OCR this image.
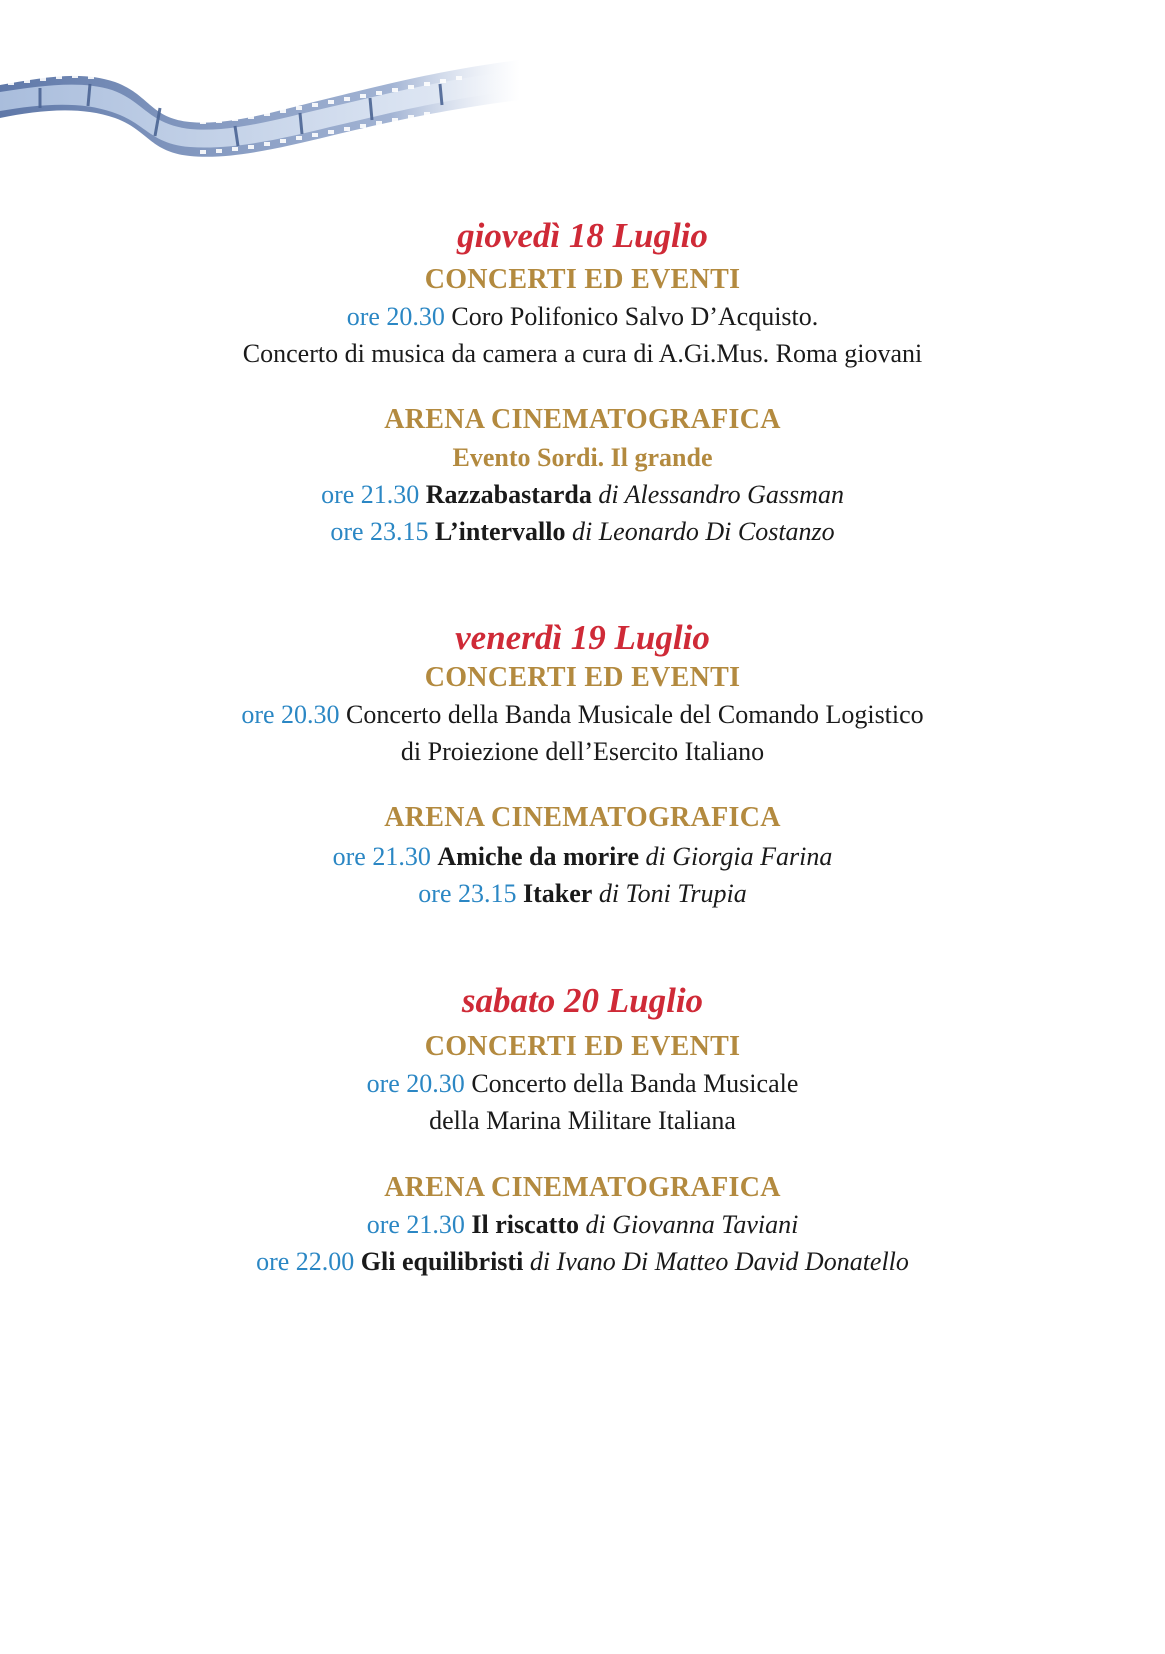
giovedì 18 Luglio
CONCERTI ED EVENTI
ore 20.30 Coro Polifonico Salvo D’Acquisto.
Concerto di musica da camera a cura di A.Gi.Mus. Roma giovani
ARENA CINEMATOGRAFICA
Evento Sordi. Il grande
ore 21.30 Razzabastarda di Alessandro Gassman
ore 23.15 L’intervallo di Leonardo Di Costanzo
venerdì 19 Luglio
CONCERTI ED EVENTI
ore 20.30 Concerto della Banda Musicale del Comando Logistico
di Proiezione dell’Esercito Italiano
ARENA CINEMATOGRAFICA
ore 21.30 Amiche da morire di Giorgia Farina
ore 23.15 Itaker di Toni Trupia
sabato 20 Luglio
CONCERTI ED EVENTI
ore 20.30 Concerto della Banda Musicale
della Marina Militare Italiana
ARENA CINEMATOGRAFICA
ore 21.30 Il riscatto di Giovanna Taviani
ore 22.00 Gli equilibristi di Ivano Di Matteo David Donatello
